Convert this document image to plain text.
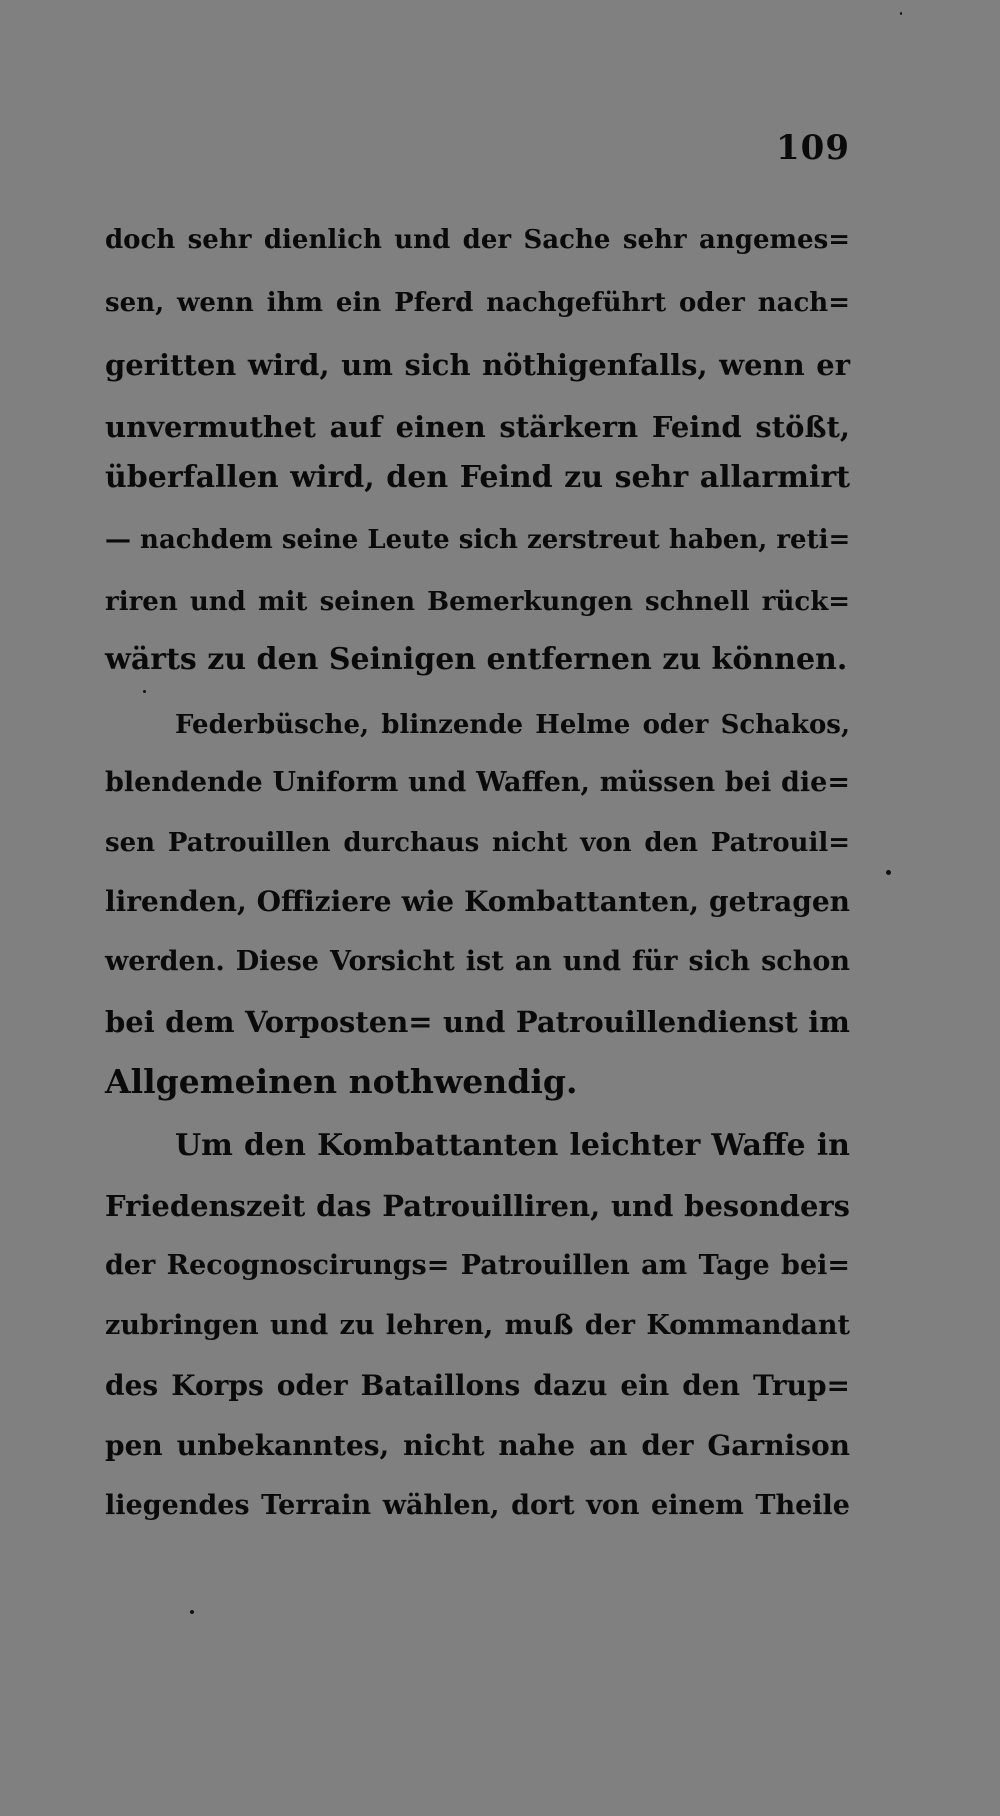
109
doch sehr dienlich und der Sache sehr angemes=
sen, wenn ihm ein Pferd nachgeführt oder nach=
geritten wird, um sich nöthigenfalls, wenn er
unvermuthet auf einen stärkern Feind stößt,
überfallen wird, den Feind zu sehr allarmirt
— nachdem seine Leute sich zerstreut haben, reti=
riren und mit seinen Bemerkungen schnell rück=
wärts zu den Seinigen entfernen zu können.
Federbüsche, blinzende Helme oder Schakos,
blendende Uniform und Waffen, müssen bei die=
sen Patrouillen durchaus nicht von den Patrouil=
lirenden, Offiziere wie Kombattanten, getragen
werden. Diese Vorsicht ist an und für sich schon
bei dem Vorposten= und Patrouillendienst im
Allgemeinen nothwendig.
Um den Kombattanten leichter Waffe in
Friedenszeit das Patrouilliren, und besonders
der Recognoscirungs= Patrouillen am Tage bei=
zubringen und zu lehren, muß der Kommandant
des Korps oder Bataillons dazu ein den Trup=
pen unbekanntes, nicht nahe an der Garnison
liegendes Terrain wählen, dort von einem Theile
